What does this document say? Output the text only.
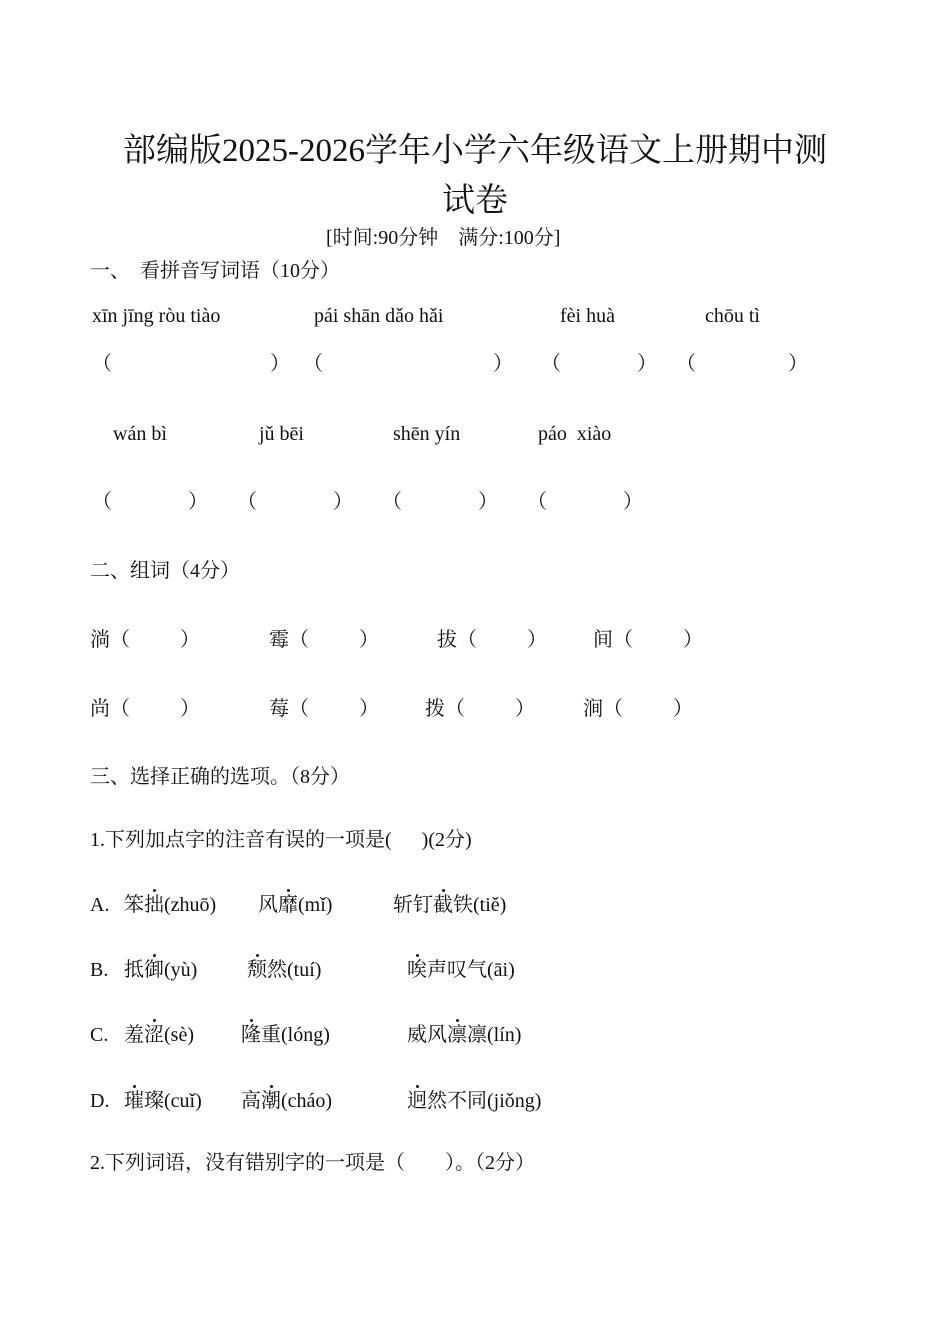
部编版2025-2026学年小学六年级语文上册期中测
试卷
[时间:90分钟    满分:100分]
一、  看拼音写词语（10分）
xīn jīng ròu tiào	pái shān dǎo hǎi	fèi huà	chōu tì
（	） （	） （	） （	）
wán bì	jǔ bēi	shēn yín	páo  xiào
（	） （	） （	） （	）
二、组词（4分）
淌（          ）	霉（          ）	拔（          ） 间（          ）
尚（          ）	莓（          ） 拨（          ） 涧（          ）
三、选择正确的选项。（8分）
1.下列加点字的注音有误的一项是(      )(2分)
A. 笨拙(zhuō) 风靡(mǐ)	斩钉截铁(tiě)
B. 抵御(yù) 颓然(tuí)	唉声叹气(āi)
C. 羞涩(sè) 隆重(lóng)	威风凛凛(lín)
D. 璀璨(cuǐ) 高潮(cháo)	迥然不同(jiǒng)
2.下列词语，没有错别字的一项是（        ）。（2分）
